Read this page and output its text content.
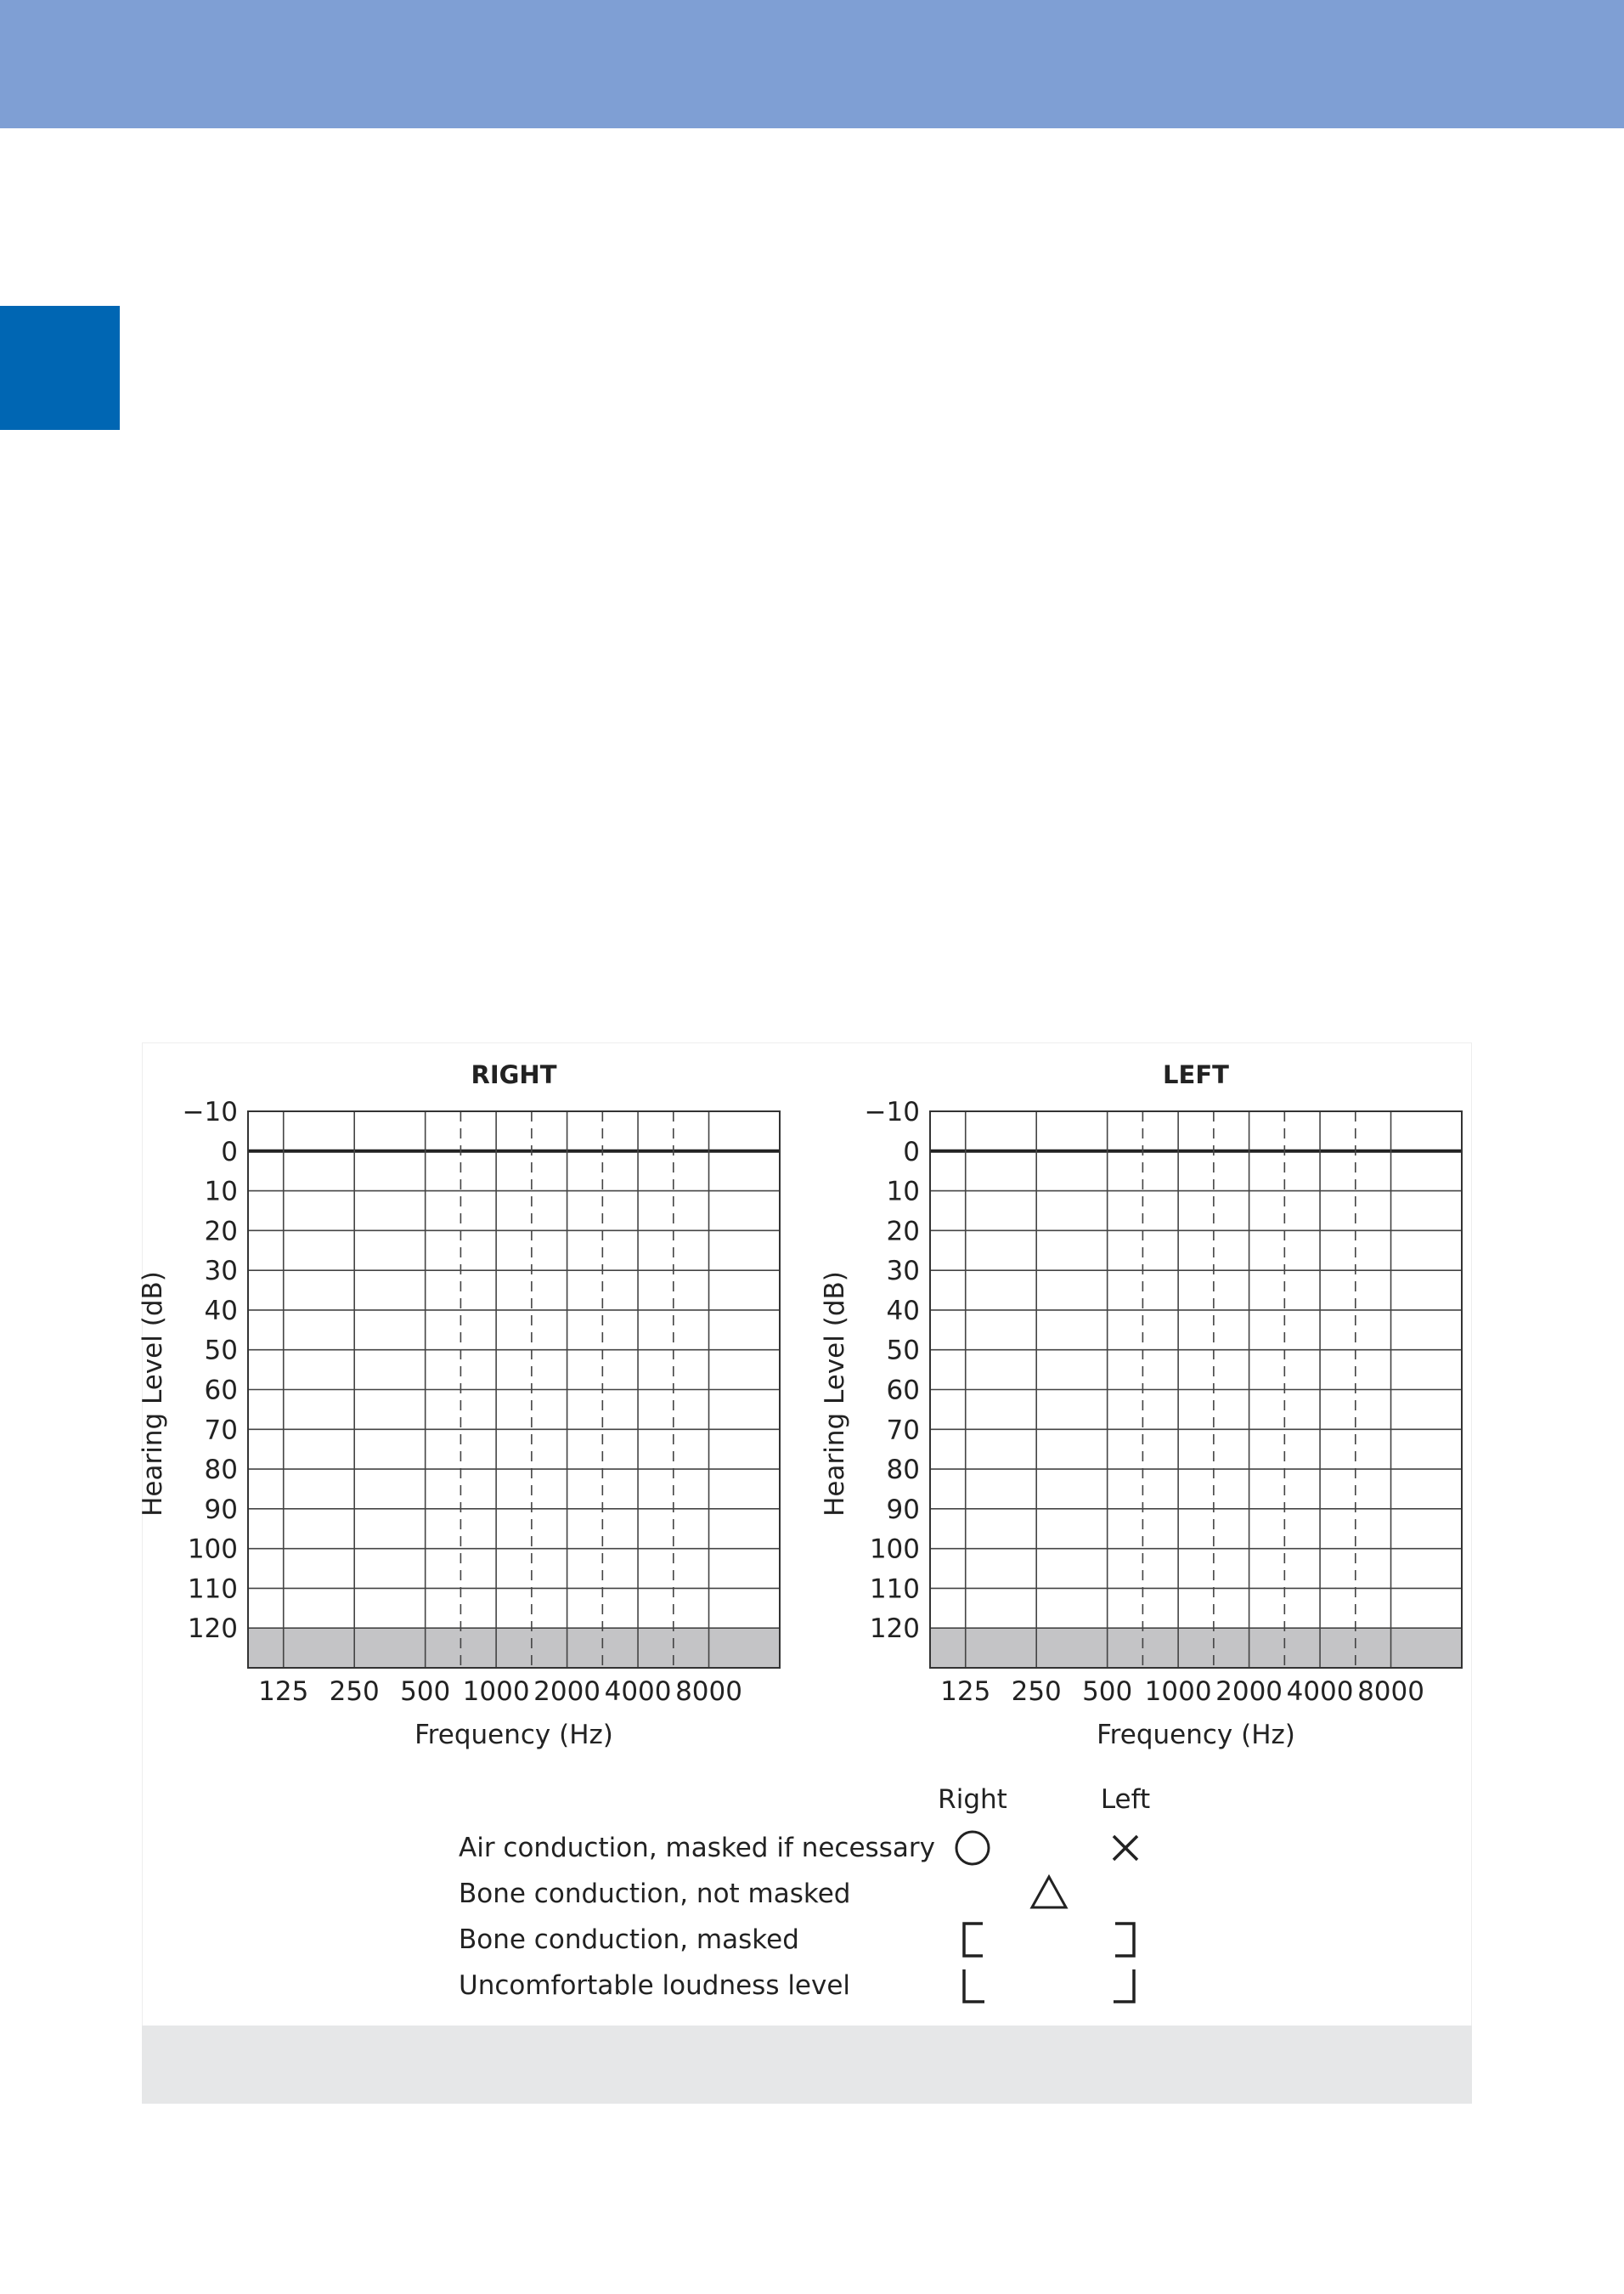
RIGHT
−10
0
10
20
30
40
50
60
70
80
90
100
110
120
125 250 500 1000 2000 4000 8000
Frequency (Hz)
Hearing Level (dB)
LEFT
−10
0
10
20
30
40
50
60
70
80
90
100
110
120
125 250 500 1000 2000 4000 8000
Frequency (Hz)
Hearing Level (dB)
Right	Left
Air conduction, masked if necessary
Bone conduction, not masked
Bone conduction, masked
Uncomfortable loudness level
